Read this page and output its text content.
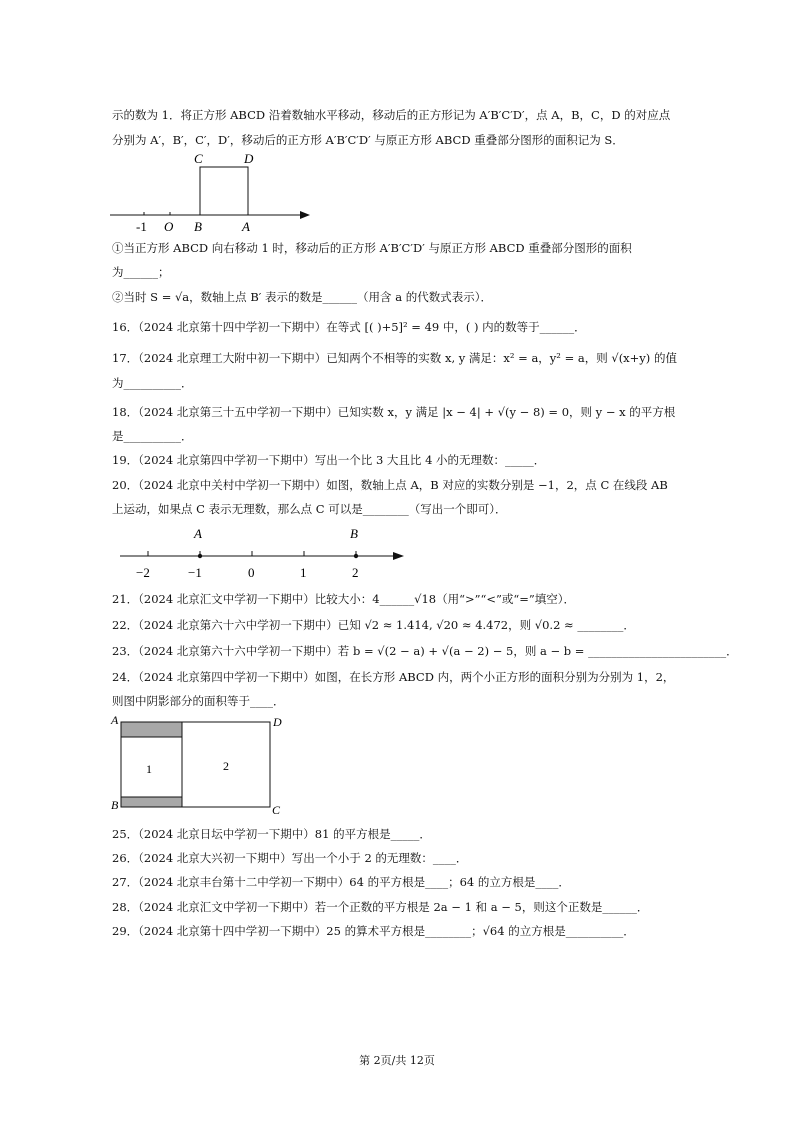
示的数为 1．将正方形 ABCD 沿着数轴水平移动，移动后的正方形记为 A′B′C′D′，点 A，B，C，D 的对应点
分别为 A′，B′，C′，D′，移动后的正方形 A′B′C′D′ 与原正方形 ABCD 重叠部分图形的面积记为 S．
-1 O B	A
C	D
①当正方形 ABCD 向右移动 1 时，移动后的正方形 A′B′C′D′ 与原正方形 ABCD 重叠部分图形的面积
为______；
②当时 S = √a，数轴上点 B′ 表示的数是______（用含 a 的代数式表示）．
16．（2024 北京第十四中学初一下期中）在等式 [( )+5]² = 49 中，( ) 内的数等于______．
17．（2024 北京理工大附中初一下期中）已知两个不相等的实数 x, y 满足：x² = a，y² = a，则 √(x+y) 的值
为__________．
18．（2024 北京第三十五中学初一下期中）已知实数 x，y 满足 |x − 4| + √(y − 8) = 0，则 y − x 的平方根
是__________．
19．（2024 北京第四中学初一下期中）写出一个比 3 大且比 4 小的无理数：_____．
20．（2024 北京中关村中学初一下期中）如图，数轴上点 A，B 对应的实数分别是 −1，2，点 C 在线段 AB
上运动，如果点 C 表示无理数，那么点 C 可以是________（写出一个即可）．
A	B
−2	−1	0	1	2
21．（2024 北京汇文中学初一下期中）比较大小：4______√18（用“>”“<”或“=”填空）．
22．（2024 北京第六十六中学初一下期中）已知 √2 ≈ 1.414, √20 ≈ 4.472，则 √0.2 ≈ ________．
23．（2024 北京第六十六中学初一下期中）若 b = √(2 − a) + √(a − 2) − 5，则 a − b = ________________________．
24．（2024 北京第四中学初一下期中）如图，在长方形 ABCD 内，两个小正方形的面积分别为分别为 1，2，
则图中阴影部分的面积等于____．
A	D
B	C
1	2
25．（2024 北京日坛中学初一下期中）81 的平方根是_____．
26．（2024 北京大兴初一下期中）写出一个小于 2 的无理数：____．
27．（2024 北京丰台第十二中学初一下期中）64 的平方根是____；64 的立方根是____．
28．（2024 北京汇文中学初一下期中）若一个正数的平方根是 2a − 1 和 a − 5，则这个正数是______．
29．（2024 北京第十四中学初一下期中）25 的算术平方根是________；√64 的立方根是__________．
第 2页/共 12页
